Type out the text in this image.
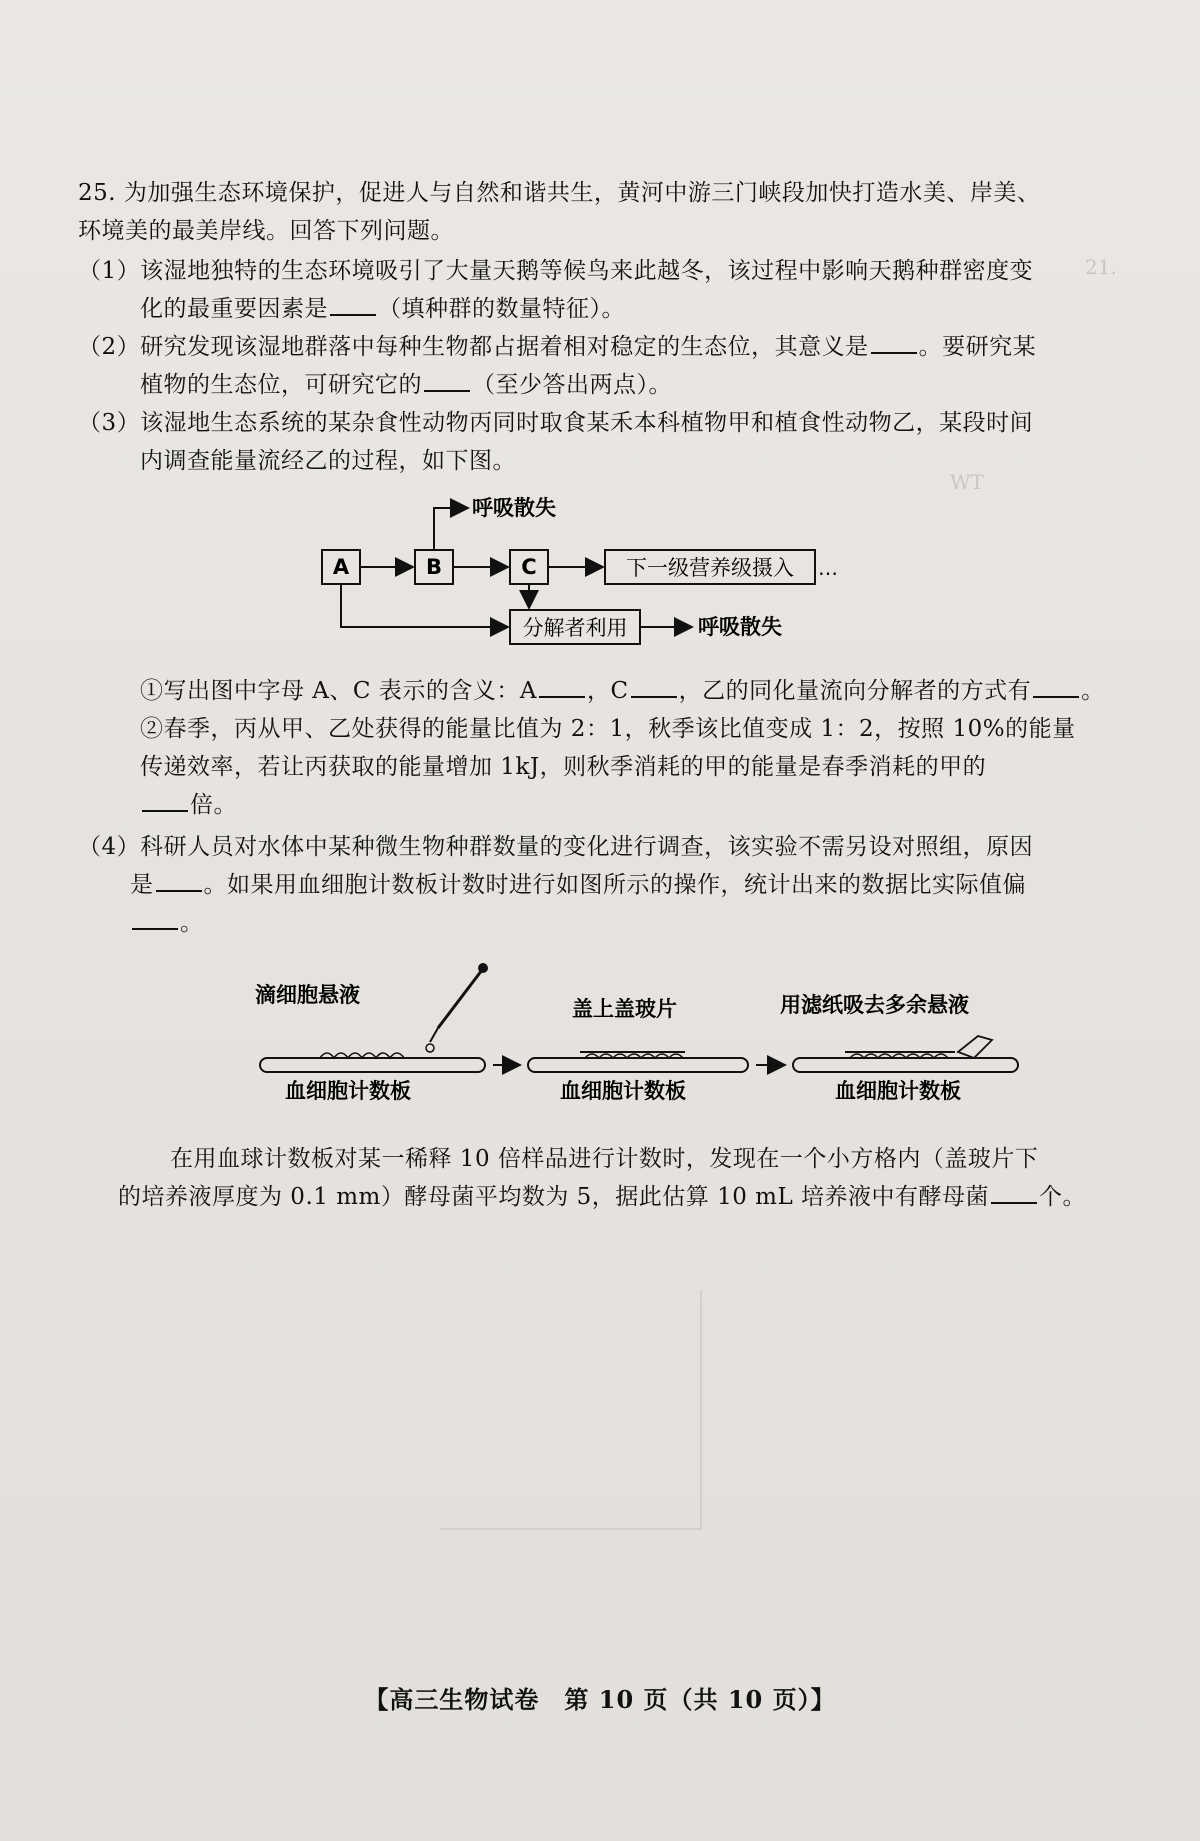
21.
WT
25. 为加强生态环境保护，促进人与自然和谐共生，黄河中游三门峡段加快打造水美、岸美、
环境美的最美岸线。回答下列问题。
（1）该湿地独特的生态环境吸引了大量天鹅等候鸟来此越冬，该过程中影响天鹅种群密度变
化的最重要因素是 （填种群的数量特征）。
（2）研究发现该湿地群落中每种生物都占据着相对稳定的生态位，其意义是 。要研究某
植物的生态位，可研究它的 （至少答出两点）。
（3）该湿地生态系统的某杂食性动物丙同时取食某禾本科植物甲和植食性动物乙，某段时间
内调查能量流经乙的过程，如下图。
A	B	C	下一级营养级摄入 …
分解者利用
呼吸散失
呼吸散失
①写出图中字母 A、C 表示的含义：A ，C ，乙的同化量流向分解者的方式有 。
②春季，丙从甲、乙处获得的能量比值为 2：1，秋季该比值变成 1：2，按照 10%的能量
传递效率，若让丙获取的能量增加 1kJ，则秋季消耗的甲的能量是春季消耗的甲的
倍。
（4）科研人员对水体中某种微生物种群数量的变化进行调查，该实验不需另设对照组，原因
是 。如果用血细胞计数板计数时进行如图所示的操作，统计出来的数据比实际值偏
。
滴细胞悬液
血细胞计数板
盖上盖玻片
血细胞计数板
用滤纸吸去多余悬液
血细胞计数板
在用血球计数板对某一稀释 10 倍样品进行计数时，发现在一个小方格内（盖玻片下
的培养液厚度为 0.1 mm）酵母菌平均数为 5，据此估算 10 mL 培养液中有酵母菌 个。
【高三生物试卷　第 10 页（共 10 页）】
